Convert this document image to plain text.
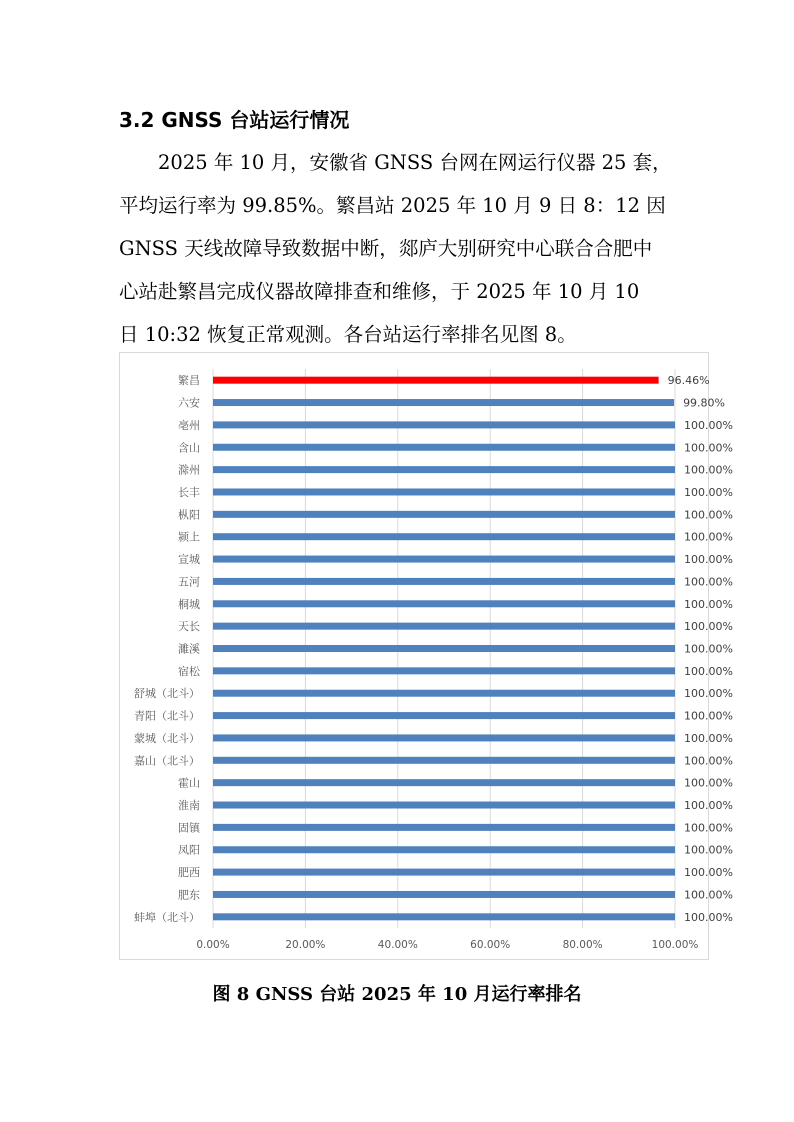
3.2 GNSS 台站运行情况
2025 年 10 月，安徽省 GNSS 台网在网运行仪器 25 套，
平均运行率为 99.85%。繁昌站 2025 年 10 月 9 日 8：12 因
GNSS 天线故障导致数据中断，郯庐大别研究中心联合合肥中
心站赴繁昌完成仪器故障排查和维修，于 2025 年 10 月 10
日 10:32 恢复正常观测。各台站运行率排名见图 8。
0.00%	20.00%	40.00%	60.00%	80.00%	100.00%
繁昌	96.46%
六安	99.80%
亳州	100.00%
含山	100.00%
滁州	100.00%
长丰	100.00%
枞阳	100.00%
颍上	100.00%
宣城	100.00%
五河	100.00%
桐城	100.00%
天长	100.00%
濉溪	100.00%
宿松	100.00%
舒城（北斗）	100.00%
青阳（北斗）	100.00%
蒙城（北斗）	100.00%
嘉山（北斗）	100.00%
霍山	100.00%
淮南	100.00%
固镇	100.00%
凤阳	100.00%
肥西	100.00%
肥东	100.00%
蚌埠（北斗）	100.00%
图 8 GNSS 台站 2025 年 10 月运行率排名
